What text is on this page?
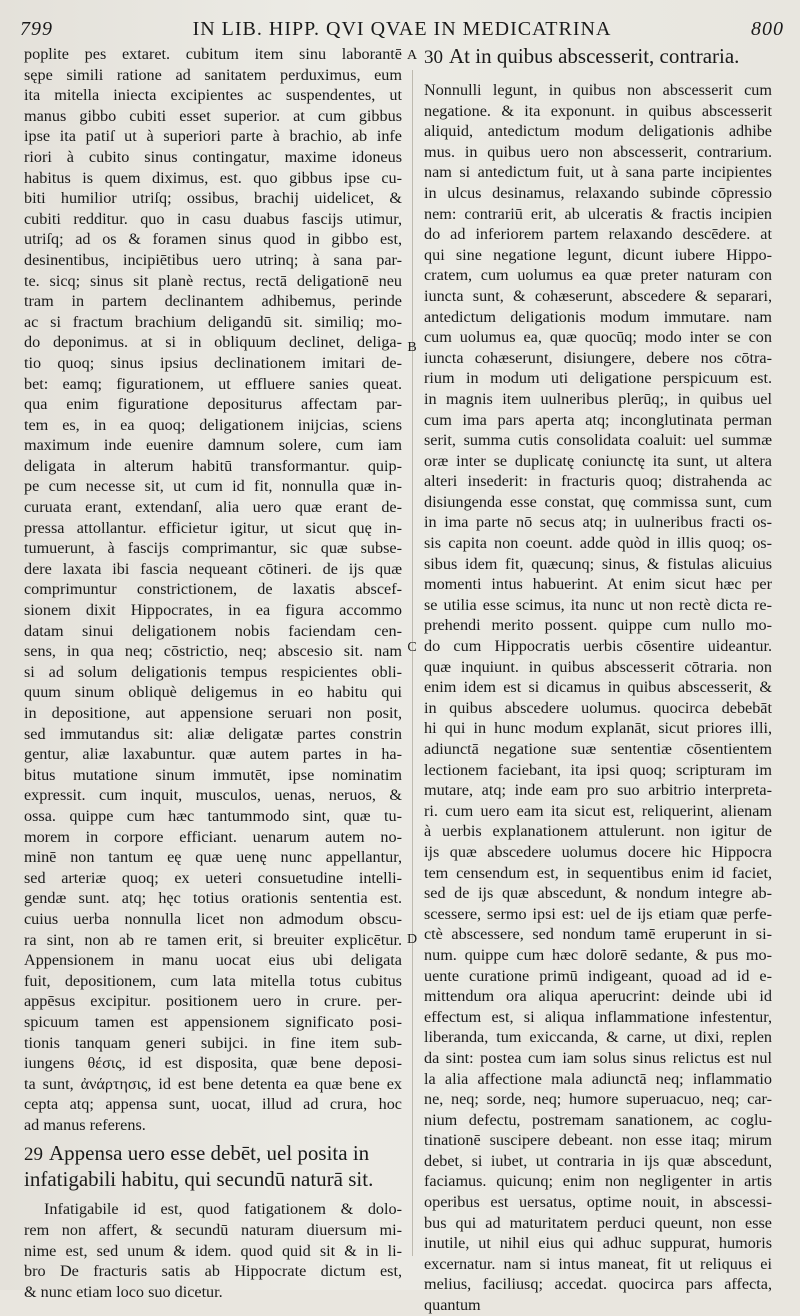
799	IN LIB. HIPP. QVI QVAE IN MEDICATRINA	800
A
B
C
D
poplite pes extaret. cubitum item sinu laborantē
sępe simili ratione ad sanitatem perduximus, eum
ita mitella iniecta excipientes ac suspendentes, ut
manus gibbo cubiti esset superior. at cum gibbus
ipse ita patiſ ut à superiori parte à brachio, ab infe
riori à cubito sinus contingatur, maxime idoneus
habitus is quem diximus, est. quo gibbus ipse cu-
biti humilior utriſq; ossibus, brachij uidelicet, &
cubiti redditur. quo in casu duabus fascijs utimur,
utriſq; ad os & foramen sinus quod in gibbo est,
desinentibus, incipiētibus uero utrinq; à sana par-
te. sicq; sinus sit planè rectus, rectā deligationē neu
tram in partem declinantem adhibemus, perinde
ac si fractum brachium deligandū sit. similiq; mo-
do deponimus. at si in obliquum declinet, deliga-
tio quoq; sinus ipsius declinationem imitari de-
bet: eamq; figurationem, ut effluere sanies queat.
qua enim figuratione depositurus affectam par-
tem es, in ea quoq; deligationem inijcias, sciens
maximum inde euenire damnum solere, cum iam
deligata in alterum habitū transformantur. quip-
pe cum necesse sit, ut cum id fit, nonnulla quæ in-
curuata erant, extendanſ, alia uero quæ erant de-
pressa attollantur. efficietur igitur, ut sicut quę in-
tumuerunt, à fascijs comprimantur, sic quæ subse-
dere laxata ibi fascia nequeant cōtineri. de ijs quæ
comprimuntur constrictionem, de laxatis abscef-
sionem dixit Hippocrates, in ea figura accommo
datam sinui deligationem nobis faciendam cen-
sens, in qua neq; cōstrictio, neq; abscesio sit. nam
si ad solum deligationis tempus respicientes obli-
quum sinum obliquè deligemus in eo habitu qui
in depositione, aut appensione seruari non posit,
sed immutandus sit: aliæ deligatæ partes constrin
gentur, aliæ laxabuntur. quæ autem partes in ha-
bitus mutatione sinum immutēt, ipse nominatim
expressit. cum inquit, musculos, uenas, neruos, &
ossa. quippe cum hæc tantummodo sint, quæ tu-
morem in corpore efficiant. uenarum autem no-
minē non tantum eę quæ uenę nunc appellantur,
sed arteriæ quoq; ex ueteri consuetudine intelli-
gendæ sunt. atq; hęc totius orationis sententia est.
cuius uerba nonnulla licet non admodum obscu-
ra sint, non ab re tamen erit, si breuiter explicētur.
Appensionem in manu uocat eius ubi deligata
fuit, depositionem, cum lata mitella totus cubitus
appēsus excipitur. positionem uero in crure. per-
spicuum tamen est appensionem significato posi-
tionis tanquam generi subijci. in fine item sub-
iungens θέσις, id est disposita, quæ bene deposi-
ta sunt, ἀνάρτησις, id est bene detenta ea quæ bene ex
cepta atq; appensa sunt, uocat, illud ad crura, hoc
ad manus referens.
29 Appensa uero esse debēt, uel posita in
infatigabili habitu, qui secundū naturā sit.
Infatigabile id est, quod fatigationem & dolo-
rem non affert, & secundū naturam diuersum mi-
nime est, sed unum & idem. quod quid sit & in li-
bro De fracturis satis ab Hippocrate dictum est,
& nunc etiam loco suo dicetur.
30 At in quibus abscesserit, contraria.
Nonnulli legunt, in quibus non abscesserit cum
negatione. & ita exponunt. in quibus abscesserit
aliquid, antedictum modum deligationis adhibe
mus. in quibus uero non abscesserit, contrarium.
nam si antedictum fuit, ut à sana parte incipientes
in ulcus desinamus, relaxando subinde cōpressio
nem: contrariū erit, ab ulceratis & fractis incipien
do ad inferiorem partem relaxando descēdere. at
qui sine negatione legunt, dicunt iubere Hippo-
cratem, cum uolumus ea quæ preter naturam con
iuncta sunt, & cohæserunt, abscedere & separari,
antedictum deligationis modum immutare. nam
cum uolumus ea, quæ quocūq; modo inter se con
iuncta cohæserunt, disiungere, debere nos cōtra-
rium in modum uti deligatione perspicuum est.
in magnis item uulneribus plerūq;, in quibus uel
cum ima pars aperta atq; inconglutinata perman
serit, summa cutis consolidata coaluit: uel summæ
oræ inter se duplicatę coniunctę ita sunt, ut altera
alteri insederit: in fracturis quoq; distrahenda ac
disiungenda esse constat, quę commissa sunt, cum
in ima parte nō secus atq; in uulneribus fracti os-
sis capita non coeunt. adde quòd in illis quoq; os-
sibus idem fit, quæcunq; sinus, & fistulas alicuius
momenti intus habuerint. At enim sicut hæc per
se utilia esse scimus, ita nunc ut non rectè dicta re-
prehendi merito possent. quippe cum nullo mo-
do cum Hippocratis uerbis cōsentire uideantur.
quæ inquiunt. in quibus abscesserit cōtraria. non
enim idem est si dicamus in quibus abscesserit, &
in quibus abscedere uolumus. quocirca debebāt
hi qui in hunc modum explanāt, sicut priores illi,
adiunctā negatione suæ sententiæ cōsentientem
lectionem faciebant, ita ipsi quoq; scripturam im
mutare, atq; inde eam pro suo arbitrio interpreta-
ri. cum uero eam ita sicut est, reliquerint, alienam
à uerbis explanationem attulerunt. non igitur de
ijs quæ abscedere uolumus docere hic Hippocra
tem censendum est, in sequentibus enim id faciet,
sed de ijs quæ abscedunt, & nondum integre ab-
scessere, sermo ipsi est: uel de ijs etiam quæ perfe-
ctè abscessere, sed nondum tamē eruperunt in si-
num. quippe cum hæc dolorē sedante, & pus mo-
uente curatione primū indigeant, quoad ad id e-
mittendum ora aliqua aperucrint: deinde ubi id
effectum est, si aliqua inflammatione infestentur,
liberanda, tum exiccanda, & carne, ut dixi, replen
da sint: postea cum iam solus sinus relictus est nul
la alia affectione mala adiunctā neq; inflammatio
ne, neq; sorde, neq; humore superuacuo, neq; car-
nium defectu, postremam sanationem, ac coglu-
tinationē suscipere debeant. non esse itaq; mirum
debet, si iubet, ut contraria in ijs quæ abscedunt,
faciamus. quicunq; enim non negligenter in artis
operibus est uersatus, optime nouit, in abscessi-
bus qui ad maturitatem perduci queunt, non esse
inutile, ut nihil eius qui adhuc suppurat, humoris
excernatur. nam si intus maneat, fit ut reliquus ei
melius, faciliusq; accedat. quocirca pars affecta,
quantum
